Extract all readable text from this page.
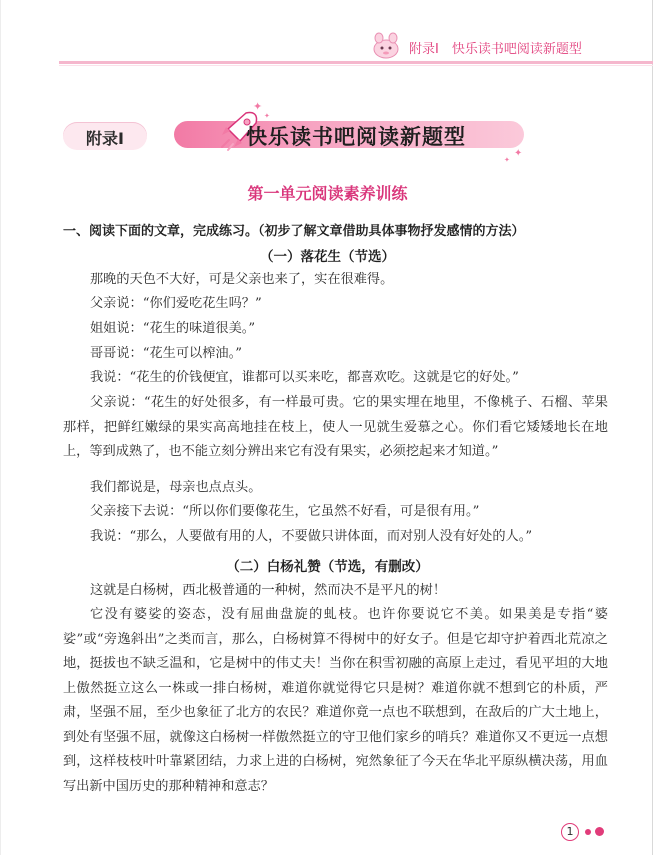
附录Ⅰ　快乐读书吧阅读新题型
附录Ⅰ	快乐读书吧阅读新题型
✦
✦
✦
✦
第一单元阅读素养训练
一、阅读下面的文章，完成练习。（初步了解文章借助具体事物抒发感情的方法）
（一）落花生（节选）
那晚的天色不大好，可是父亲也来了，实在很难得。
父亲说：“你们爱吃花生吗？”
姐姐说：“花生的味道很美。”
哥哥说：“花生可以榨油。”
我说：“花生的价钱便宜，谁都可以买来吃，都喜欢吃。这就是它的好处。”
父亲说：“花生的好处很多，有一样最可贵。它的果实埋在地里，不像桃子、石榴、苹果那样，把鲜红嫩绿的果实高高地挂在枝上，使人一见就生爱慕之心。你们看它矮矮地长在地上，等到成熟了，也不能立刻分辨出来它有没有果实，必须挖起来才知道。”
我们都说是，母亲也点点头。
父亲接下去说：“所以你们要像花生，它虽然不好看，可是很有用。”
我说：“那么，人要做有用的人，不要做只讲体面，而对别人没有好处的人。”
（二）白杨礼赞（节选，有删改）
这就是白杨树，西北极普通的一种树，然而决不是平凡的树！
它没有婆娑的姿态，没有屈曲盘旋的虬枝。也许你要说它不美。如果美是专指“婆娑”或“旁逸斜出”之类而言，那么，白杨树算不得树中的好女子。但是它却守护着西北荒凉之地，挺拔也不缺乏温和，它是树中的伟丈夫！当你在积雪初融的高原上走过，看见平坦的大地上傲然挺立这么一株或一排白杨树，难道你就觉得它只是树？难道你就不想到它的朴质，严肃，坚强不屈，至少也象征了北方的农民？难道你竟一点也不联想到，在敌后的广大土地上，到处有坚强不屈，就像这白杨树一样傲然挺立的守卫他们家乡的哨兵？难道你又不更远一点想到，这样枝枝叶叶靠紧团结，力求上进的白杨树，宛然象征了今天在华北平原纵横决荡，用血写出新中国历史的那种精神和意志？
1
